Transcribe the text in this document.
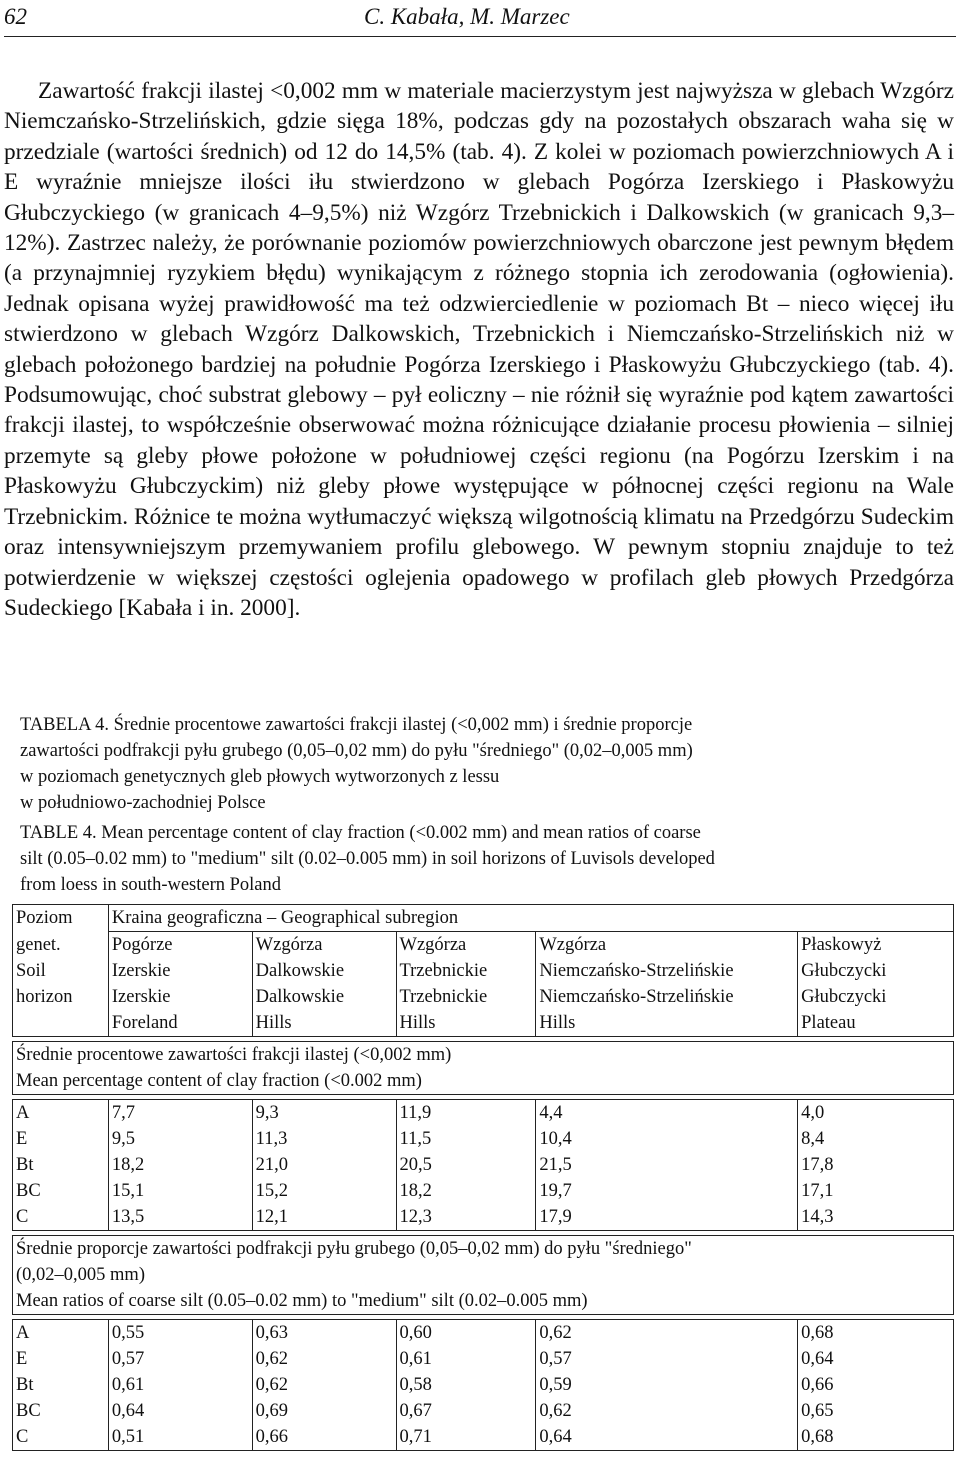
62	C. Kabała, M. Marzec

Zawartość frakcji ilastej <0,002 mm w materiale macierzystym jest najwyższa w glebach Wzgórz Niemczańsko-Strzelińskich, gdzie sięga 18%, podczas gdy na pozostałych obszarach waha się w przedziale (wartości średnich) od 12 do 14,5% (tab. 4). Z kolei w poziomach powierzchniowych A i E wyraźnie mniejsze ilości iłu stwierdzono w glebach Pogórza Izerskiego i Płaskowyżu Głubczyckiego (w granicach 4–9,5%) niż Wzgórz Trzebnickich i Dalkowskich (w granicach 9,3–12%). Zastrzec należy, że porównanie poziomów powierzchniowych obarczone jest pewnym błędem (a przynajmniej ryzykiem błędu) wynikającym z różnego stopnia ich zerodowania (ogłowienia). Jednak opisana wyżej prawidłowość ma też odzwierciedlenie w poziomach Bt – nieco więcej iłu stwierdzono w glebach Wzgórz Dalkowskich, Trzebnickich i Niemczańsko-Strzelińskich niż w glebach położonego bardziej na południe Pogórza Izerskiego i Płaskowyżu Głubczyckiego (tab. 4). Podsumowując, choć substrat glebowy – pył eoliczny – nie różnił się wyraźnie pod kątem zawartości frakcji ilastej, to współcześnie obserwować można różnicujące działanie procesu płowienia – silniej przemyte są gleby płowe położone w południowej części regionu (na Pogórzu Izerskim i na Płaskowyżu Głubczyckim) niż gleby płowe występujące w północnej części regionu na Wale Trzebnickim. Różnice te można wytłumaczyć większą wilgotnością klimatu na Przedgórzu Sudeckim oraz intensywniejszym przemywaniem profilu glebowego. W pewnym stopniu znajduje to też potwierdzenie w większej częstości oglejenia opadowego w profilach gleb płowych Przedgórza Sudeckiego [Kabała i in. 2000].

TABELA 4. Średnie procentowe zawartości frakcji ilastej (<0,002 mm) i średnie proporcje

zawartości podfrakcji pyłu grubego (0,05–0,02 mm) do pyłu "średniego" (0,02–0,005 mm)

w poziomach genetycznych gleb płowych wytworzonych z lessu

w południowo-zachodniej Polsce

TABLE 4. Mean percentage content of clay fraction (<0.002 mm) and mean ratios of coarse

silt (0.05–0.02 mm) to "medium" silt (0.02–0.005 mm) in soil horizons of Luvisols developed

from loess in south-western Poland

Poziom	Kraina geograficzna – Geographical subregion				
genet.	Pogórze	Wzgórza	Wzgórza	Wzgórza	Płaskowyż
Soil	Izerskie	Dalkowskie	Trzebnickie	Niemczańsko-Strzelińskie	Głubczycki
horizon	Izerskie	Dalkowskie	Trzebnickie	Niemczańsko-Strzelińskie	Głubczycki
	Foreland	Hills	Hills	Hills	Plateau

Średnie procentowe zawartości frakcji ilastej (<0,002 mm)					
Mean percentage content of clay fraction (<0.002 mm)					

A	7,7	9,3	11,9	4,4	4,0
E	9,5	11,3	11,5	10,4	8,4
Bt	18,2	21,0	20,5	21,5	17,8
BC	15,1	15,2	18,2	19,7	17,1
C	13,5	12,1	12,3	17,9	14,3

Średnie proporcje zawartości podfrakcji pyłu grubego (0,05–0,02 mm) do pyłu "średniego"					
(0,02–0,005 mm)					
Mean ratios of coarse silt (0.05–0.02 mm) to "medium" silt (0.02–0.005 mm)					

A	0,55	0,63	0,60	0,62	0,68
E	0,57	0,62	0,61	0,57	0,64
Bt	0,61	0,62	0,58	0,59	0,66
BC	0,64	0,69	0,67	0,62	0,65
C	0,51	0,66	0,71	0,64	0,68
